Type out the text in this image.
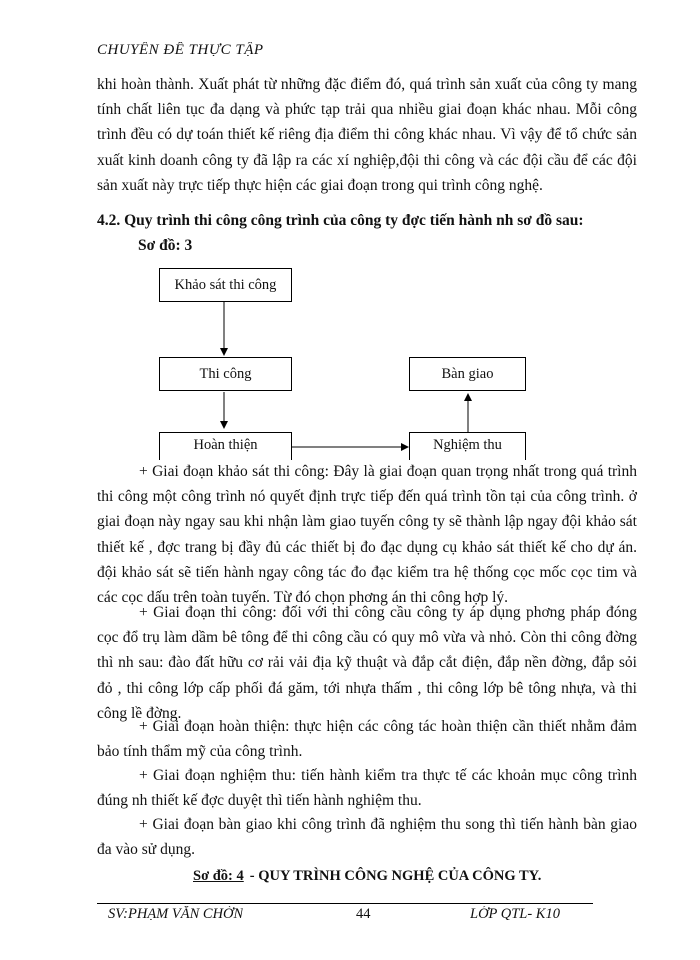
CHUYÊN ĐỀ THỰC TẬP

khi hoàn thành. Xuất phát từ những đặc điểm đó, quá trình sản xuất của công ty mang tính chất liên tục đa dạng và phức tạp trải qua nhiều giai đoạn khác nhau. Mỗi công trình đều có dự toán thiết kế riêng địa điểm thi công khác nhau. Vì vậy để tổ chức sản xuất kinh doanh công ty đã lập ra các xí nghiệp,đội thi công và các đội cầu để các đội sản xuất này trực tiếp thực hiện các giai đoạn trong qui trình công nghệ.

4.2. Quy trình thi công công trình của công ty đợc tiến hành nh sơ đồ sau:
Sơ đồ: 3
Khảo sát thi công
Thi công	Bàn giao
Hoàn thiện	Nghiệm thu

+ Giai đoạn khảo sát thi công: Đây là giai đoạn quan trọng nhất trong quá trình thi công một công trình nó quyết định trực tiếp đến quá trình tồn tại của công trình. ở giai đoạn này ngay sau khi nhận làm giao tuyến công ty sẽ thành lập ngay đội khảo sát thiết kế , đợc trang bị đầy đủ các thiết bị đo đạc dụng cụ khảo sát thiết kế cho dự án. đội khảo sát sẽ tiến hành ngay công tác đo đạc kiểm tra hệ thống cọc mốc cọc tim và các cọc dấu trên toàn tuyến. Từ đó chọn phơng án thi công hợp lý.

+ Giai đoạn thi công: đối với thi công cầu công ty áp dụng phơng pháp đóng cọc đổ trụ làm dầm bê tông để thi công cầu có quy mô vừa và nhỏ. Còn thi công đờng thì nh sau: đào đất hữu cơ rải vải địa kỹ thuật và đắp cắt điện, đắp nền đờng, đắp sỏi đỏ , thi công lớp cấp phối đá găm, tới nhựa thấm , thi công lớp bê tông nhựa, và thi công lề đờng.

+ Giai đoạn hoàn thiện: thực hiện các công tác hoàn thiện cần thiết nhằm đảm bảo tính thẩm mỹ của công trình.

+ Giai đoạn nghiệm thu: tiến hành kiểm tra thực tế các khoản mục công trình đúng nh thiết kế đợc duyệt thì tiến hành nghiệm thu.

+ Giai đoạn bàn giao khi công trình đã nghiệm thu song thì tiến hành bàn giao đa vào sử dụng.

Sơ đồ: 4 - QUY TRÌNH CÔNG NGHỆ CỦA CÔNG TY.
SV:PHẠM VĂN CHỜN	44	LỚP QTL- K10
